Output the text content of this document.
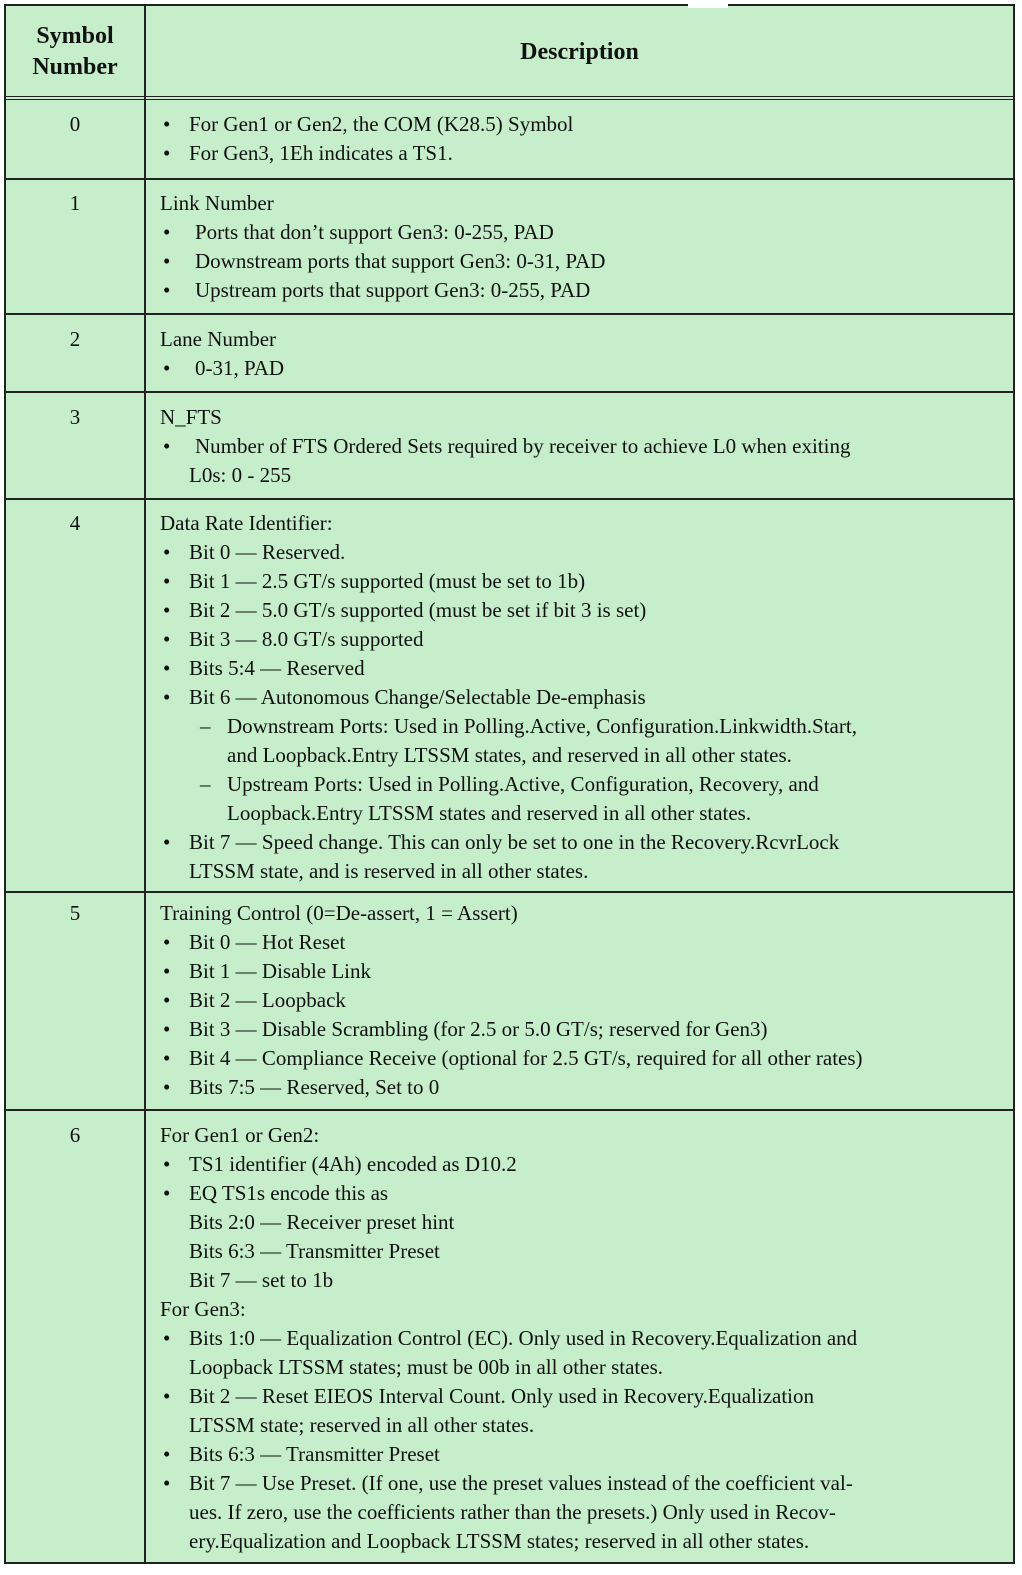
Symbol
Number
Description
0

•	For Gen1 or Gen2, the COM (K28.5) Symbol

• For Gen3, 1Eh indicates a TS1.

1	Link Number

• Ports that don’t support Gen3: 0-255, PAD

• Downstream ports that support Gen3: 0-31, PAD

• Upstream ports that support Gen3: 0-255, PAD

2	Lane Number

• 0-31, PAD

3	N_FTS

• Number of FTS Ordered Sets required by receiver to achieve L0 when exiting

L0s: 0 - 255

4	Data Rate Identifier:

• Bit 0 — Reserved.

• Bit 1 — 2.5 GT/s supported (must be set to 1b)

• Bit 2 — 5.0 GT/s supported (must be set if bit 3 is set)

• Bit 3 — 8.0 GT/s supported

• Bits 5:4 — Reserved

• Bit 6 — Autonomous Change/Selectable De-emphasis

– Downstream Ports: Used in Polling.Active, Configuration.Linkwidth.Start,

and Loopback.Entry LTSSM states, and reserved in all other states.

– Upstream Ports: Used in Polling.Active, Configuration, Recovery, and

Loopback.Entry LTSSM states and reserved in all other states.

• Bit 7 — Speed change. This can only be set to one in the Recovery.RcvrLock

LTSSM state, and is reserved in all other states.

5	Training Control (0=De-assert, 1 = Assert)

• Bit 0 — Hot Reset

• Bit 1 — Disable Link

• Bit 2 — Loopback

• Bit 3 — Disable Scrambling (for 2.5 or 5.0 GT/s; reserved for Gen3)

• Bit 4 — Compliance Receive (optional for 2.5 GT/s, required for all other rates)

• Bits 7:5 — Reserved, Set to 0

6	For Gen1 or Gen2:

• TS1 identifier (4Ah) encoded as D10.2

• EQ TS1s encode this as

Bits 2:0 — Receiver preset hint

Bits 6:3 — Transmitter Preset

Bit 7 — set to 1b

For Gen3:

• Bits 1:0 — Equalization Control (EC). Only used in Recovery.Equalization and

Loopback LTSSM states; must be 00b in all other states.

• Bit 2 — Reset EIEOS Interval Count. Only used in Recovery.Equalization

LTSSM state; reserved in all other states.

• Bits 6:3 — Transmitter Preset

• Bit 7 — Use Preset. (If one, use the preset values instead of the coefficient val-

ues. If zero, use the coefficients rather than the presets.) Only used in Recov-

ery.Equalization and Loopback LTSSM states; reserved in all other states.
